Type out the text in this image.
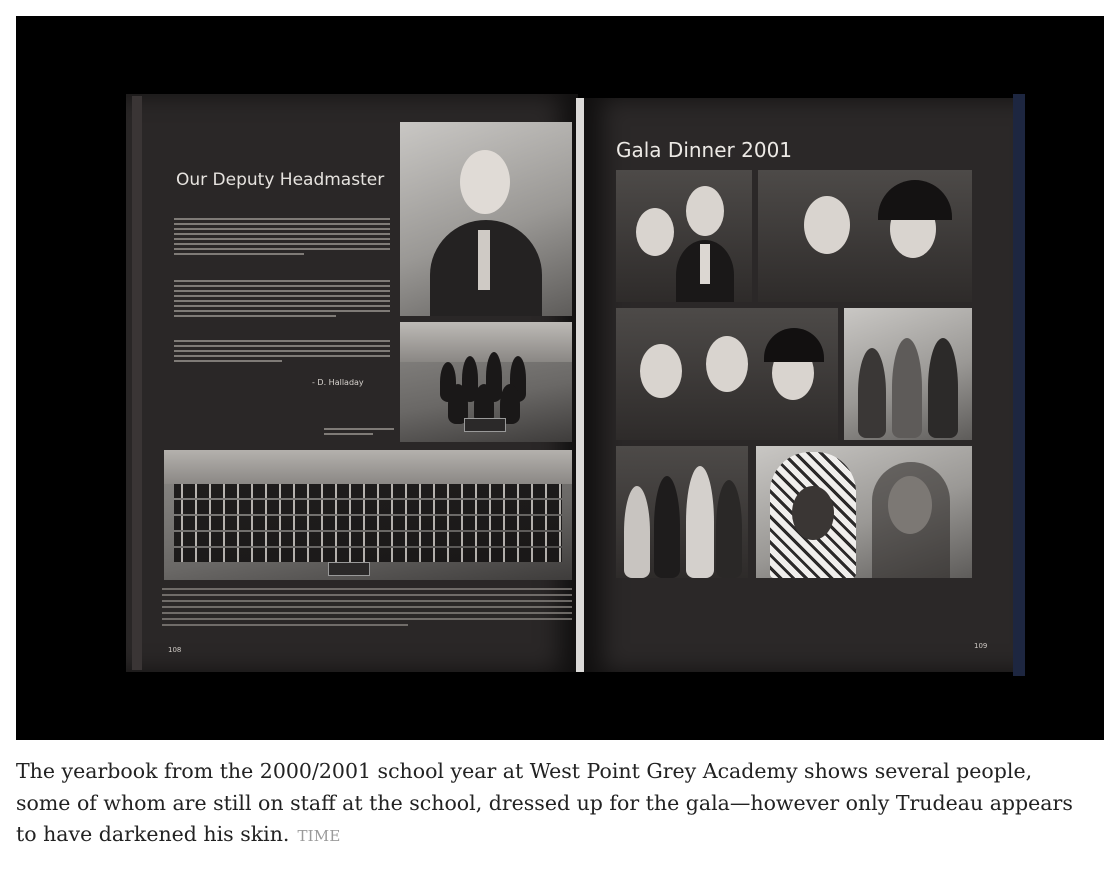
Our Deputy Headmaster
- D. Halladay
108	109
Gala Dinner 2001
The yearbook from the 2000/2001 school year at West Point Grey Academy shows several people, some of whom are still on staff at the school, dressed up for the gala—however only Trudeau appears to have darkened his skin. TIME
